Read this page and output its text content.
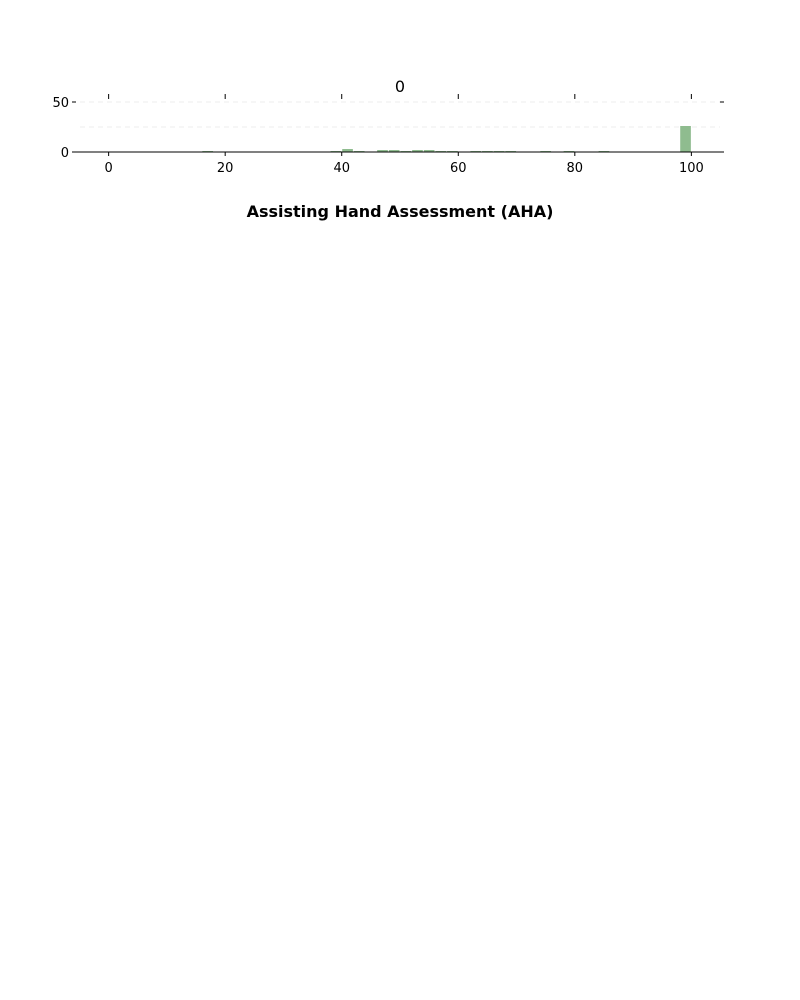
0
0	20	40	60	80	100
0
50
Assisting Hand Assessment (AHA)
